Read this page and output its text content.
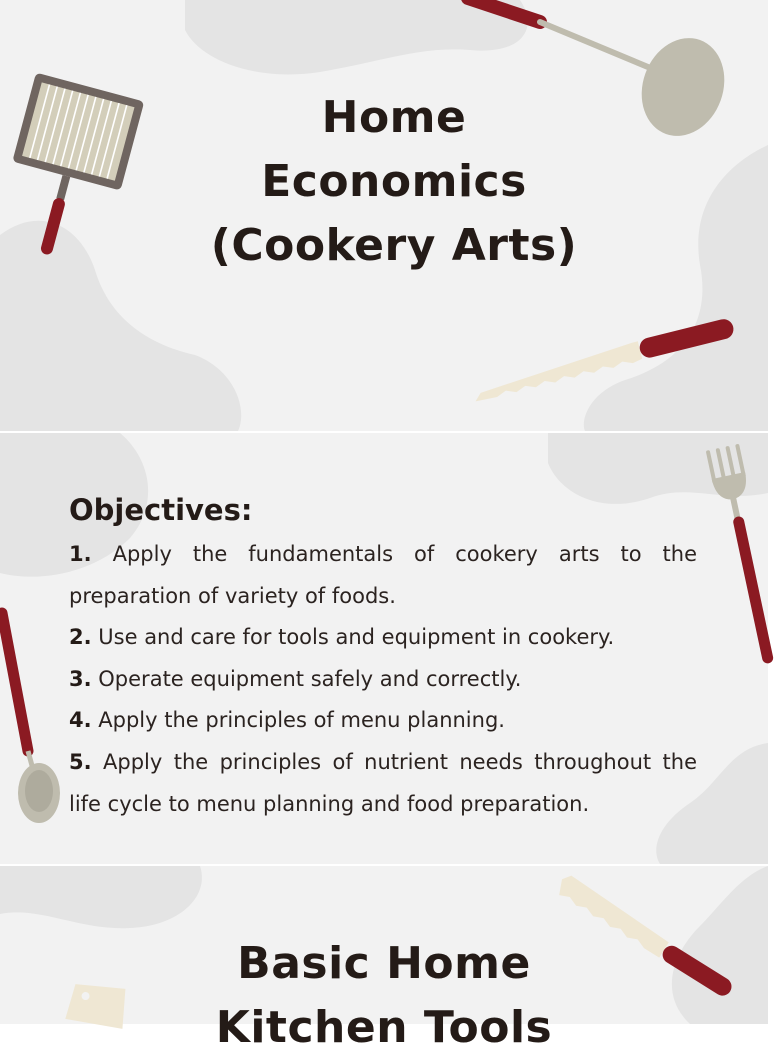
Home
Economics
(Cookery Arts)
Objectives:
1. Apply the fundamentals of cookery arts to the preparation of variety of foods.
2. Use and care for tools and equipment in cookery.
3. Operate equipment safely and correctly.
4. Apply the principles of menu planning.
5. Apply the principles of nutrient needs throughout the life cycle to menu planning and food preparation.
Basic Home
Kitchen Tools
